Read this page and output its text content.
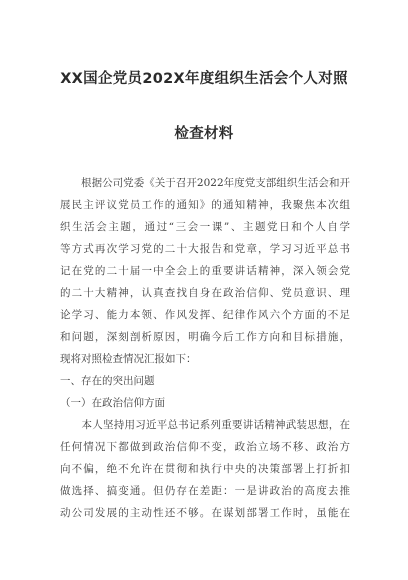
XX国企党员202X年度组织生活会个人对照
检查材料
　　根据公司党委《关于召开2022年度党支部组织生活会和开
展民主评议党员工作的通知》的通知精神，我聚焦本次组
织生活会主题，通过“三会一课”、主题党日和个人自学
等方式再次学习党的二十大报告和党章，学习习近平总书
记在党的二十届一中全会上的重要讲话精神，深入领会党
的二十大精神，认真查找自身在政治信仰、党员意识、理
论学习、能力本领、作风发挥、纪律作风六个方面的不足
和问题，深刻剖析原因，明确今后工作方向和目标措施，
现将对照检查情况汇报如下：
一、存在的突出问题
（一）在政治信仰方面
　　本人坚持用习近平总书记系列重要讲话精神武装思想，在
任何情况下都做到政治信仰不变，政治立场不移、政治方
向不偏，绝不允许在贯彻和执行中央的决策部署上打折扣
做选择、搞变通。但仍存在差距：一是讲政治的高度去推
动公司发展的主动性还不够。在谋划部署工作时，虽能在
